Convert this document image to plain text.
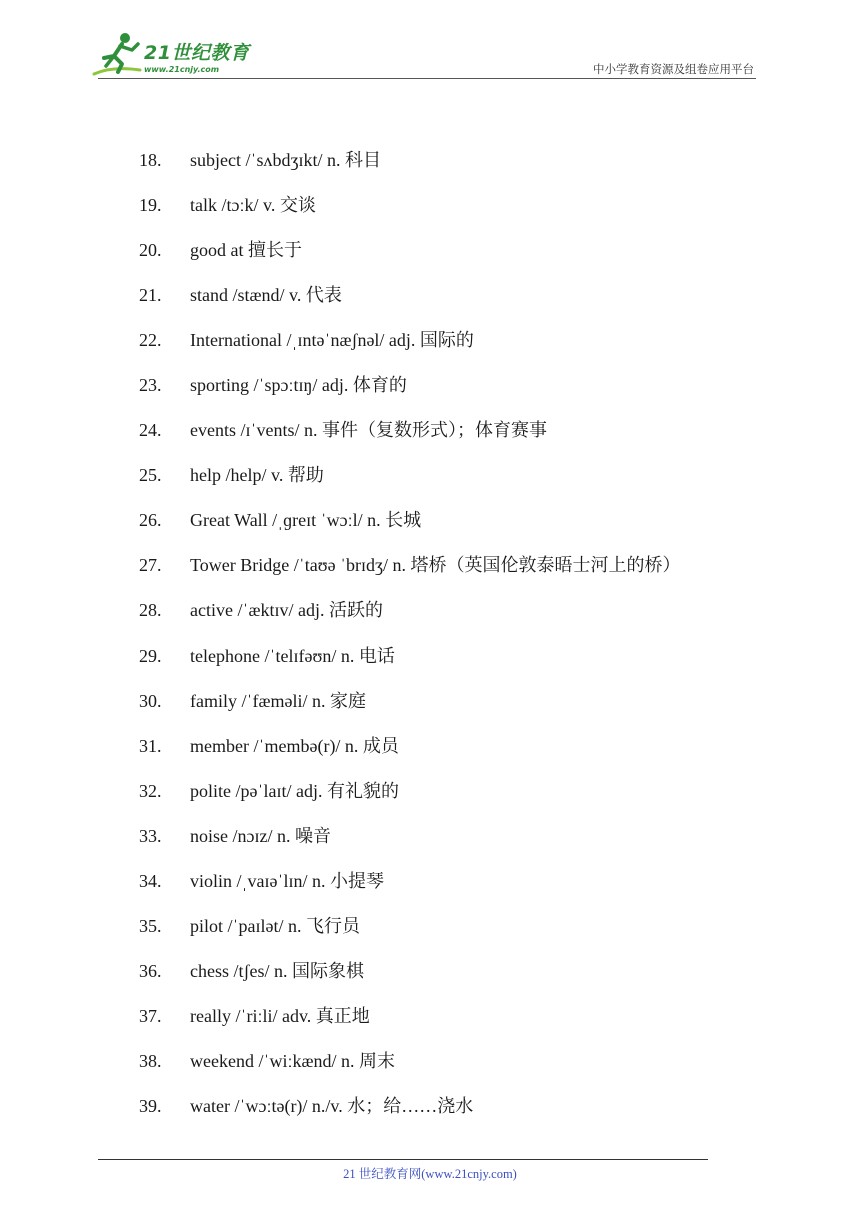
21世纪教育
www.21cnjy.com	中小学教育资源及组卷应用平台
18. subject /ˈsʌbdʒɪkt/ n. 科目
19. talk /tɔːk/ v. 交谈
20. good at 擅长于
21. stand /stænd/ v. 代表
22. International /ˌɪntəˈnæʃnəl/ adj. 国际的
23. sporting /ˈspɔːtɪŋ/ adj. 体育的
24. events /ɪˈvents/ n. 事件（复数形式）；体育赛事
25. help /help/ v. 帮助
26. Great Wall /ˌɡreɪt ˈwɔːl/ n. 长城
27. Tower Bridge /ˈtaʊə ˈbrɪdʒ/ n. 塔桥（英国伦敦泰晤士河上的桥）
28. active /ˈæktɪv/ adj. 活跃的
29. telephone /ˈtelɪfəʊn/ n. 电话
30. family /ˈfæməli/ n. 家庭
31. member /ˈmembə(r)/ n. 成员
32. polite /pəˈlaɪt/ adj. 有礼貌的
33. noise /nɔɪz/ n. 噪音
34. violin /ˌvaɪəˈlɪn/ n. 小提琴
35. pilot /ˈpaɪlət/ n. 飞行员
36. chess /tʃes/ n. 国际象棋
37. really /ˈriːli/ adv. 真正地
38. weekend /ˈwiːkænd/ n. 周末
39. water /ˈwɔːtə(r)/ n./v. 水；给……浇水
21 世纪教育网(www.21cnjy.com)
